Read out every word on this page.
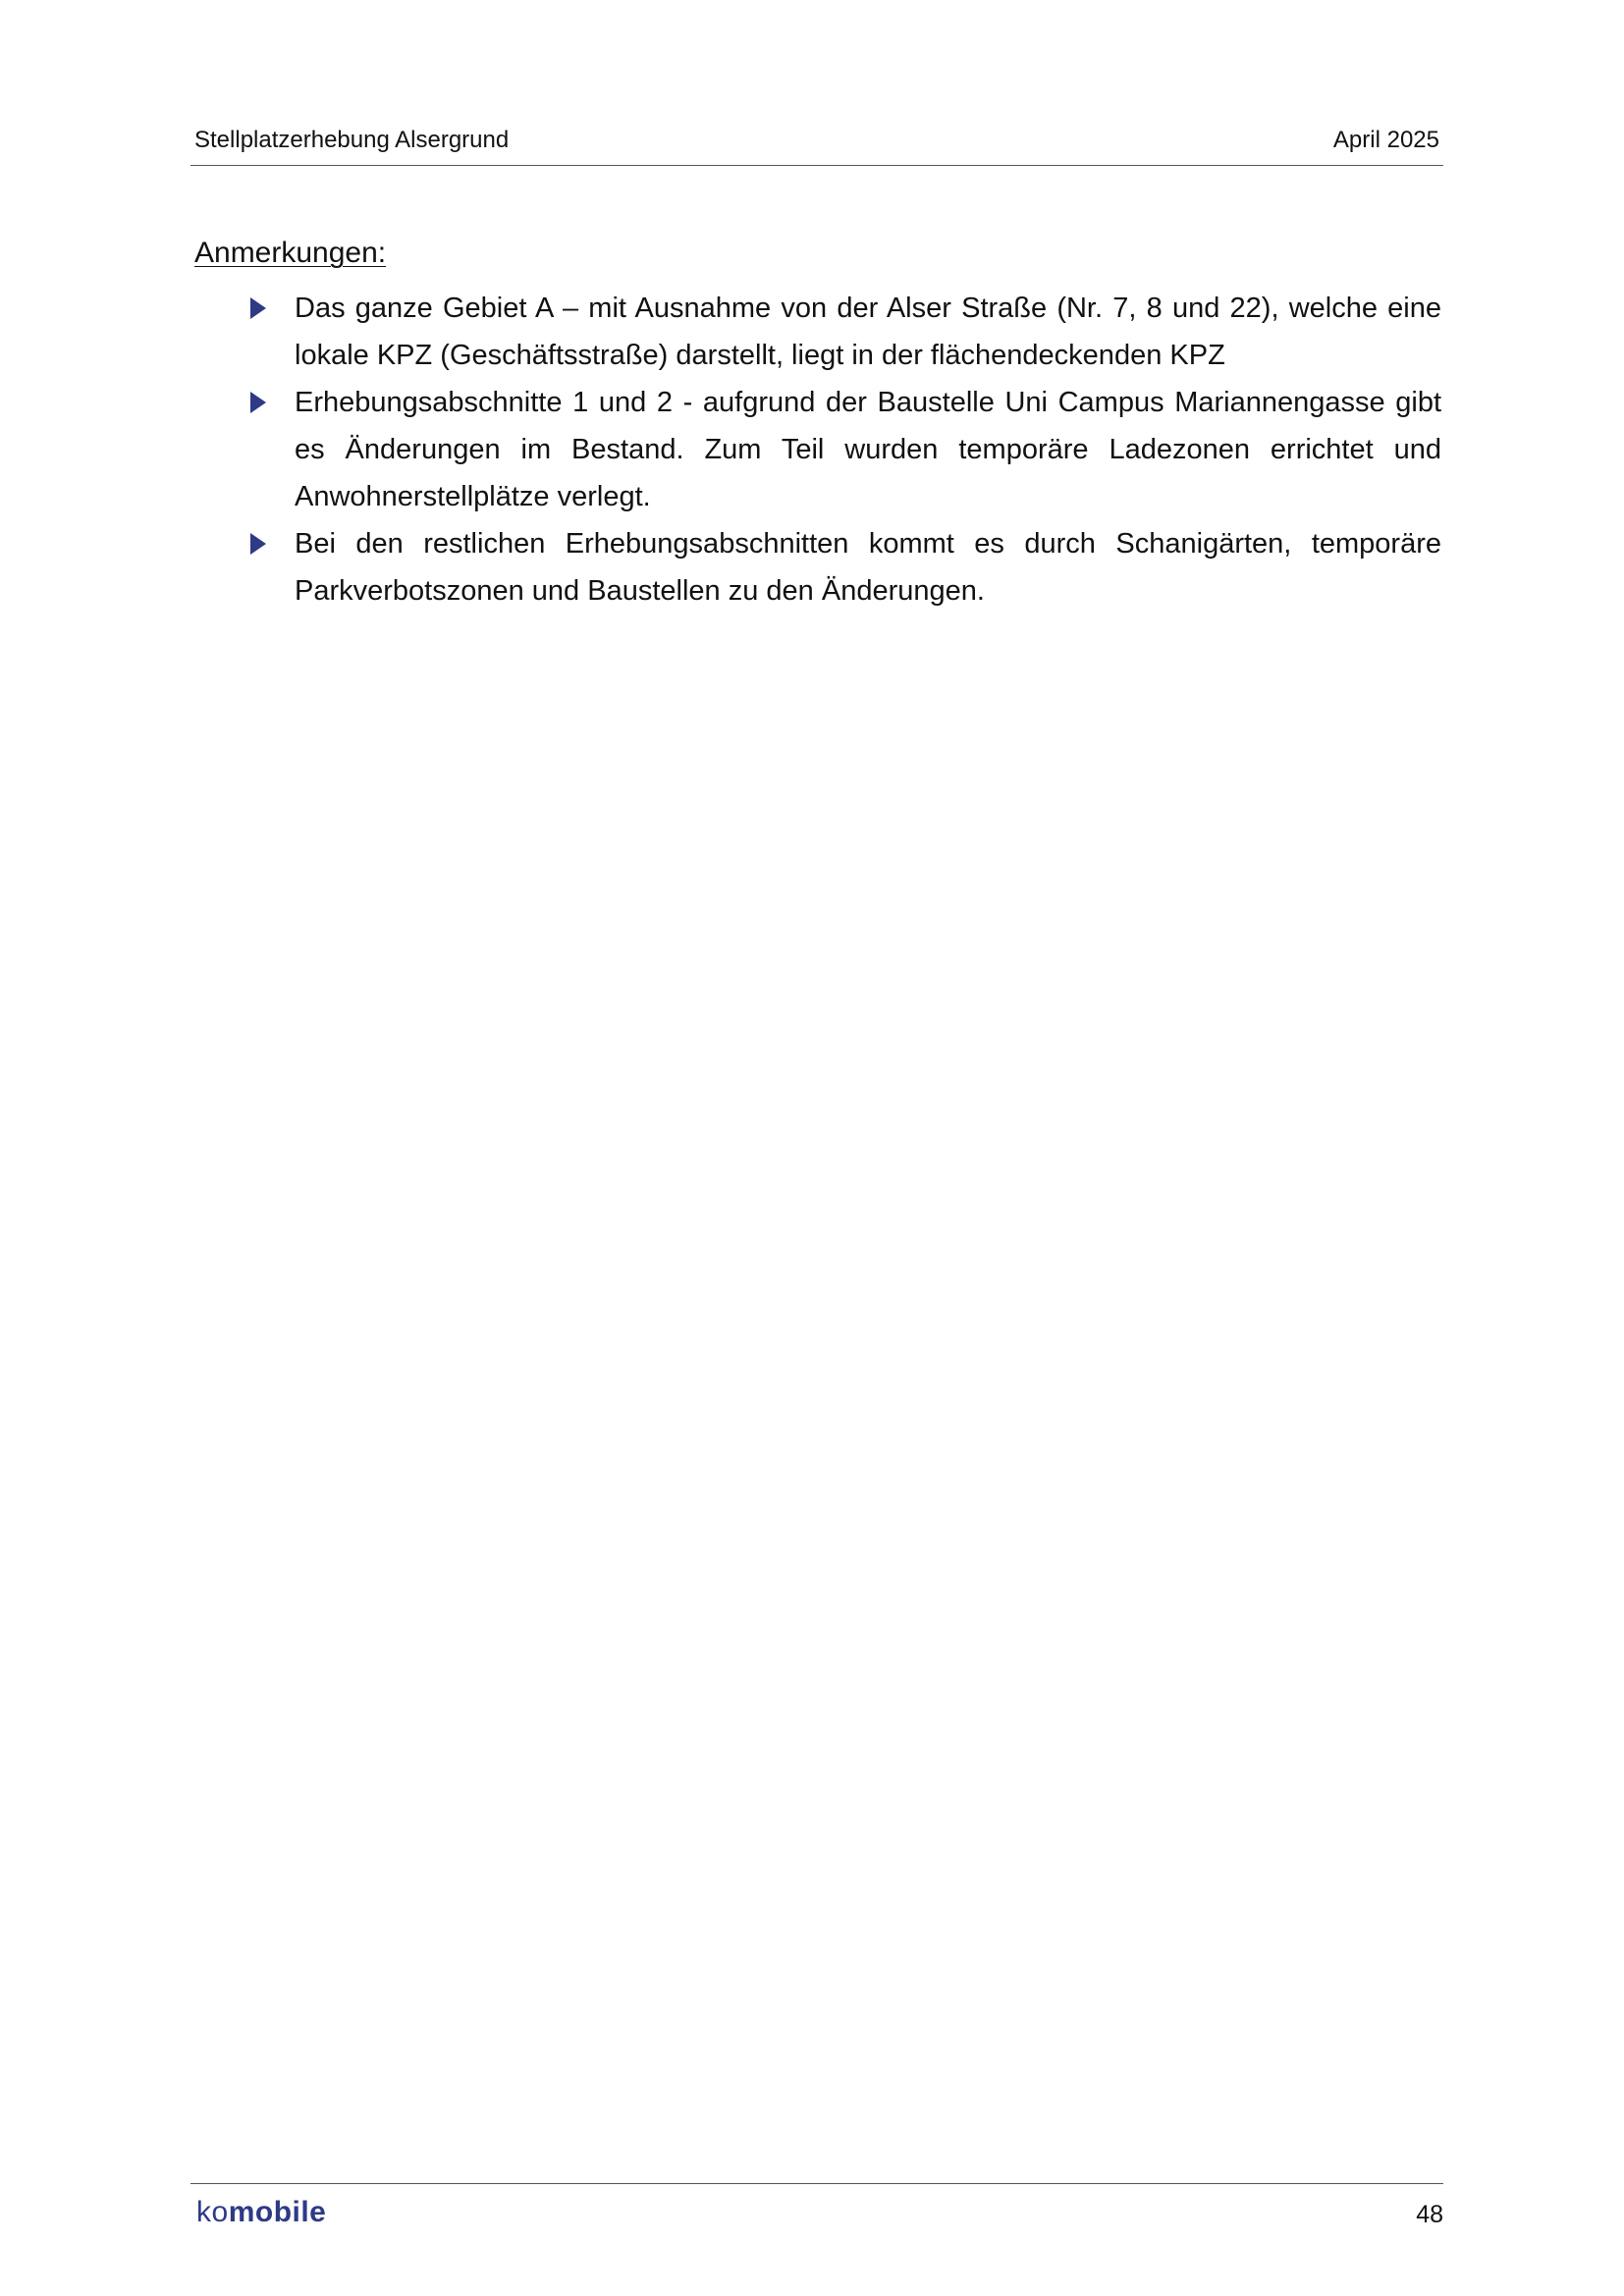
Stellplatzerhebung Alsergrund	April 2025
Anmerkungen:
Das ganze Gebiet A – mit Ausnahme von der Alser Straße (Nr. 7, 8 und 22), welche eine lokale KPZ (Geschäftsstraße) darstellt, liegt in der flächendeckenden KPZ
Erhebungsabschnitte 1 und 2 - aufgrund der Baustelle Uni Campus Mariannengasse gibt es Änderungen im Bestand. Zum Teil wurden temporäre Ladezonen errichtet und Anwohnerstellplätze verlegt.
Bei den restlichen Erhebungsabschnitten kommt es durch Schanigärten, temporäre Parkverbotszonen und Baustellen zu den Änderungen.
komobile	48
